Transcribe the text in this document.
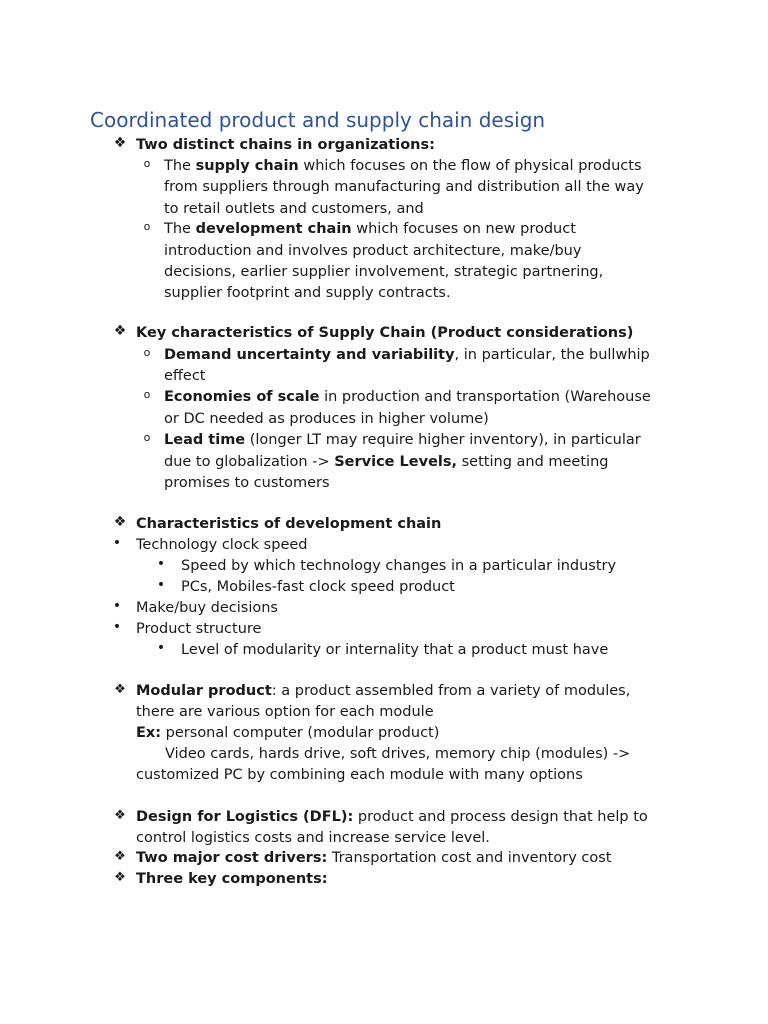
Coordinated product and supply chain design
❖ Two distinct chains in organizations:
o The supply chain which focuses on the flow of physical products
from suppliers through manufacturing and distribution all the way
to retail outlets and customers, and
o The development chain which focuses on new product
introduction and involves product architecture, make/buy
decisions, earlier supplier involvement, strategic partnering,
supplier footprint and supply contracts.
❖ Key characteristics of Supply Chain (Product considerations)
o Demand uncertainty and variability, in particular, the bullwhip
effect
o Economies of scale in production and transportation (Warehouse
or DC needed as produces in higher volume)
o Lead time (longer LT may require higher inventory), in particular
due to globalization -> Service Levels, setting and meeting
promises to customers
❖ Characteristics of development chain
•	Technology clock speed
•	Speed by which technology changes in a particular industry
•	PCs, Mobiles-fast clock speed product
•	Make/buy decisions
•	Product structure
•	Level of modularity or internality that a product must have
❖ Modular product: a product assembled from a variety of modules,
there are various option for each module
Ex: personal computer (modular product)
Video cards, hards drive, soft drives, memory chip (modules) ->
customized PC by combining each module with many options
❖ Design for Logistics (DFL): product and process design that help to
control logistics costs and increase service level.
❖ Two major cost drivers: Transportation cost and inventory cost
❖ Three key components:
